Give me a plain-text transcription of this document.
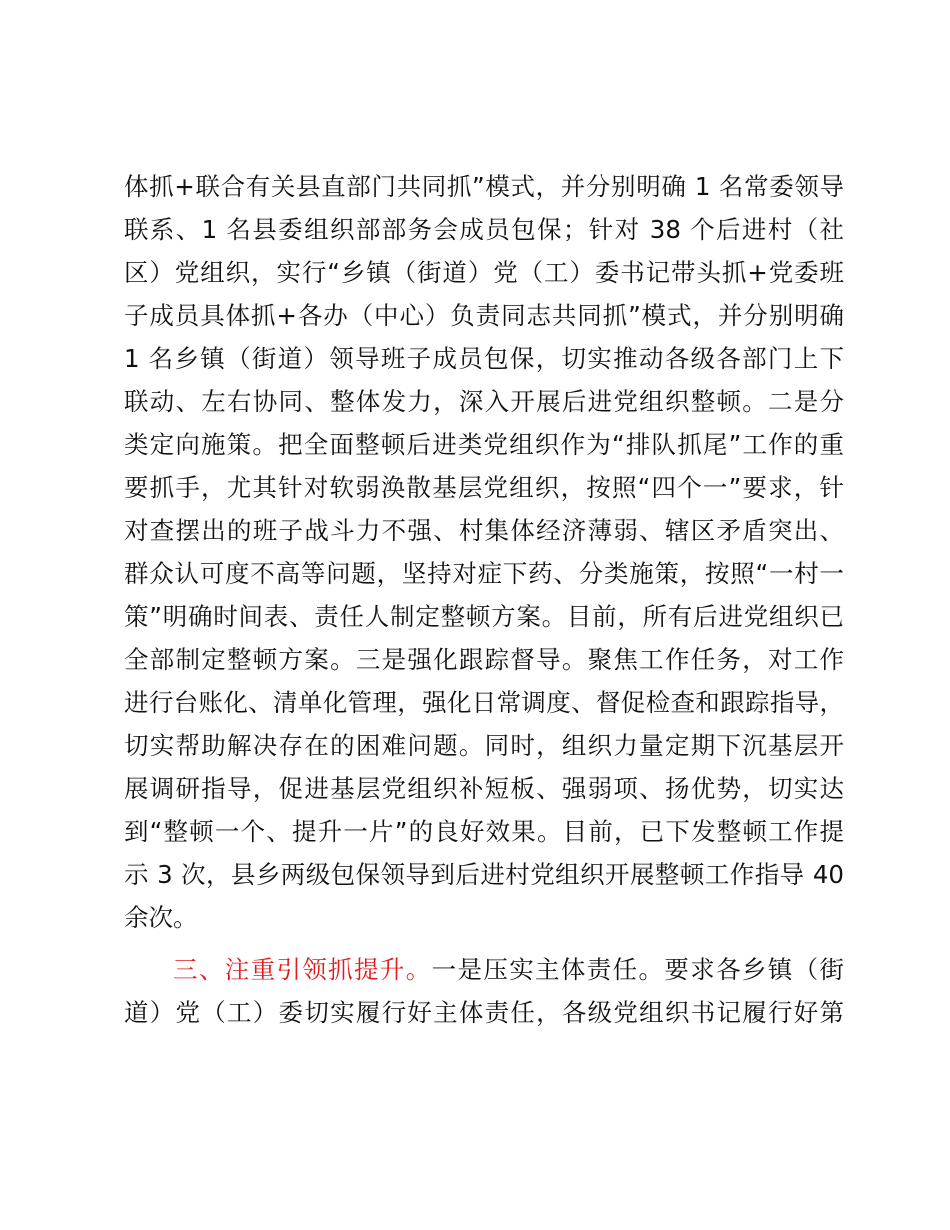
体抓+联合有关县直部门共同抓”模式，并分别明确 1 名常委领导
联系、1 名县委组织部部务会成员包保；针对 38 个后进村（社
区）党组织，实行“乡镇（街道）党（工）委书记带头抓+党委班
子成员具体抓+各办（中心）负责同志共同抓”模式，并分别明确
1 名乡镇（街道）领导班子成员包保，切实推动各级各部门上下
联动、左右协同、整体发力，深入开展后进党组织整顿。二是分
类定向施策。把全面整顿后进类党组织作为“排队抓尾”工作的重
要抓手，尤其针对软弱涣散基层党组织，按照“四个一”要求，针
对查摆出的班子战斗力不强、村集体经济薄弱、辖区矛盾突出、
群众认可度不高等问题，坚持对症下药、分类施策，按照“一村一
策”明确时间表、责任人制定整顿方案。目前，所有后进党组织已
全部制定整顿方案。三是强化跟踪督导。聚焦工作任务，对工作
进行台账化、清单化管理，强化日常调度、督促检查和跟踪指导，
切实帮助解决存在的困难问题。同时，组织力量定期下沉基层开
展调研指导，促进基层党组织补短板、强弱项、扬优势，切实达
到“整顿一个、提升一片”的良好效果。目前，已下发整顿工作提
示 3 次，县乡两级包保领导到后进村党组织开展整顿工作指导 40
余次。
三、注重引领抓提升。一是压实主体责任。要求各乡镇（街
道）党（工）委切实履行好主体责任，各级党组织书记履行好第
